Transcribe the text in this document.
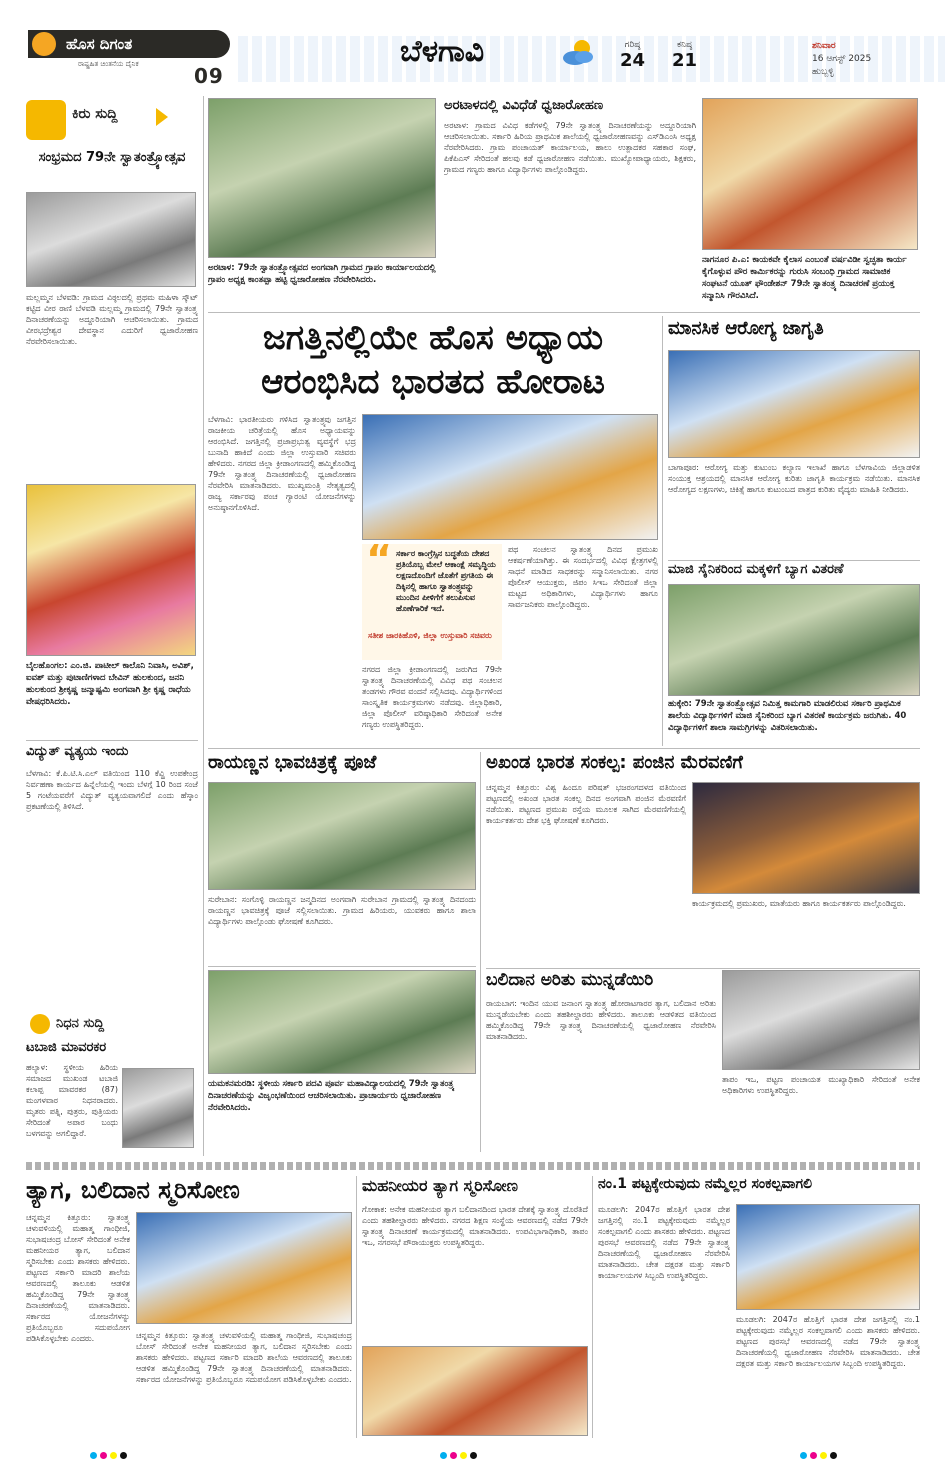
ಹೊಸ ದಿಗಂತ
ರಾಷ್ಟ್ರಹಿತ ಚಿಂತನೆಯ ದೈನಿಕ	09
ಬೆಳಗಾವಿ	ಗರಿಷ್ಠ
24
ಕನಿಷ್ಠ
21
ಶನಿವಾರ
16 ಆಗಸ್ಟ್ 2025
ಹುಬ್ಬಳ್ಳಿ
ಕಿರು ಸುದ್ದಿ
ಸಂಭ್ರಮದ 79ನೇ ಸ್ವಾತಂತ್ರ್ಯೋತ್ಸವ
ಮಲ್ಲಮ್ಮನ ಬೆಳವಡಿ: ಗ್ರಾಮದ ವಿಠ್ಠಲದಲ್ಲಿ ಪ್ರಥಮ ಮಹಿಳಾ ಸ್ಕೌಟ್ ಕಟ್ಟಿದ ವೀರ ರಾಣಿ ಬೆಳವಡಿ ಮಲ್ಲಮ್ಮ ಗ್ರಾಮದಲ್ಲಿ 79ನೇ ಸ್ವಾತಂತ್ರ್ಯ ದಿನಾಚರಣೆಯನ್ನು ಅದ್ದೂರಿಯಾಗಿ ಆಚರಿಸಲಾಯಿತು. ಗ್ರಾಮದ ವೀರಭದ್ರೇಶ್ವರ ದೇವಸ್ಥಾನ ಎದುರಿಗೆ ಧ್ವಜಾರೋಹಣ ನೆರವೇರಿಸಲಾಯಿತು.
ಬೈಲಹೊಂಗಲ: ಎಂ.ಜಿ. ಪಾಟೀಲ್ ಕಾಲೊನಿ ನಿವಾಸಿ, ಅವಿಶ್, ಐವಶ್ ಮತ್ತು ಪುಟಾಣಿಗಳಾದ ಬೇವಿನ್ ಹುಲಕುಂದ, ಜನನಿ ಹುಲಕುಂದ ಶ್ರೀಕೃಷ್ಣ ಜನ್ಮಾಷ್ಟಮಿ ಅಂಗವಾಗಿ ಶ್ರೀ ಕೃಷ್ಣ ರಾಧೆಯ ವೇಷಧರಿಸಿದರು.
ವಿದ್ಯುತ್ ವ್ಯತ್ಯಯ ಇಂದು
ಬೆಳಗಾವಿ: ಕೆ.ಪಿ.ಟಿ.ಸಿ.ಎಲ್ ವತಿಯಿಂದ 110 ಕೆವ್ಹಿ ಉಪಕೇಂದ್ರ ನಿರ್ವಹಣಾ ಕಾರ್ಯದ ಹಿನ್ನೆಲೆಯಲ್ಲಿ ಇಂದು ಬೆಳಗ್ಗೆ 10 ರಿಂದ ಸಂಜೆ 5 ಗಂಟೆಯವರೆಗೆ ವಿದ್ಯುತ್ ವ್ಯತ್ಯಯವಾಗಲಿದೆ ಎಂದು ಹೆಸ್ಕಾಂ ಪ್ರಕಟಣೆಯಲ್ಲಿ ತಿಳಿಸಿದೆ.
ನಿಧನ ಸುದ್ದಿ
ಟಬಾಜಿ ಮಾವರಕರ
ಹಲ್ಯಾಳ: ಸ್ಥಳೀಯ ಹಿರಿಯ ಸಮಾಜದ ಮುಖಂಡ ಟಬಾಜಿ ಕಲಾಪ್ಪ ಮಾವರಕರ (87) ಮಂಗಳವಾರ ನಿಧನರಾದರು. ಮೃತರು ಪತ್ನಿ, ಪುತ್ರರು, ಪುತ್ರಿಯರು ಸೇರಿದಂತೆ ಅಪಾರ ಬಂಧು ಬಳಗವನ್ನು ಅಗಲಿದ್ದಾರೆ.
ಅರಟಾಳ: 79ನೇ ಸ್ವಾತಂತ್ರ್ಯೋತ್ಸವದ ಅಂಗವಾಗಿ ಗ್ರಾಮದ ಗ್ರಾಪಂ ಕಾರ್ಯಾಲಯದಲ್ಲಿ ಗ್ರಾಪಂ ಅಧ್ಯಕ್ಷ ಕಾಂತಪ್ಪಾ ಹಟ್ಟಿ ಧ್ವಜಾರೋಹಣ ನೆರವೇರಿಸಿದರು.
ಅರಟಾಳದಲ್ಲಿ ವಿವಿಧೆಡೆ ಧ್ವಜಾರೋಹಣ
ಅರಟಾಳ: ಗ್ರಾಮದ ವಿವಿಧ ಕಡೆಗಳಲ್ಲಿ 79ನೇ ಸ್ವಾತಂತ್ರ್ಯ ದಿನಾಚರಣೆಯನ್ನು ಅದ್ದೂರಿಯಾಗಿ ಆಚರಿಸಲಾಯಿತು. ಸರ್ಕಾರಿ ಹಿರಿಯ ಪ್ರಾಥಮಿಕ ಶಾಲೆಯಲ್ಲಿ ಧ್ವಜಾರೋಹಣವನ್ನು ಎಸ್‌ಡಿಎಂಸಿ ಅಧ್ಯಕ್ಷ ನೆರವೇರಿಸಿದರು. ಗ್ರಾಮ ಪಂಚಾಯತ್ ಕಾರ್ಯಾಲಯ, ಹಾಲು ಉತ್ಪಾದಕರ ಸಹಕಾರ ಸಂಘ, ಪಿಕೆಪಿಎಸ್ ಸೇರಿದಂತೆ ಹಲವು ಕಡೆ ಧ್ವಜಾರೋಹಣ ನಡೆಯಿತು. ಮುಖ್ಯೋಪಾಧ್ಯಾಯರು, ಶಿಕ್ಷಕರು, ಗ್ರಾಮದ ಗಣ್ಯರು ಹಾಗೂ ವಿದ್ಯಾರ್ಥಿಗಳು ಪಾಲ್ಗೊಂಡಿದ್ದರು.
ನಾಗನೂರ ಪಿ.ಎ: ಕಾಯಕವೇ ಕೈಲಾಸ ಎಂಬಂತೆ ವರ್ಷವಿಡೀ ಸ್ವಚ್ಛತಾ ಕಾರ್ಯ ಕೈಗೊಳ್ಳುವ ಪೌರ ಕಾರ್ಮಿಕರನ್ನು ಗುರುಸಿ ಸಂಬಂಧಿ ಗ್ರಾಮದ ಸಾಮಾಜಿಕ ಸಂಘಟನೆ ಯೂತ್ ಫೌಂಡೇಶನ್ 79ನೇ ಸ್ವಾತಂತ್ರ್ಯ ದಿನಾಚರಣೆ ಪ್ರಯುಕ್ತ ಸನ್ಮಾನಿಸಿ ಗೌರವಿಸಿದೆ.
ಜಗತ್ತಿನಲ್ಲಿಯೇ ಹೊಸ ಅಧ್ಯಾಯ
ಆರಂಭಿಸಿದ ಭಾರತದ ಹೋರಾಟ
ಬೆಳಗಾವಿ: ಭಾರತೀಯರು ಗಳಿಸಿದ ಸ್ವಾತಂತ್ರ್ಯವು ಜಗತ್ತಿನ ರಾಜಕೀಯ ಚರಿತ್ರೆಯಲ್ಲಿ ಹೊಸ ಅಧ್ಯಾಯವನ್ನು ಆರಂಭಿಸಿದೆ. ಜಗತ್ತಿನಲ್ಲಿ ಪ್ರಜಾಪ್ರಭುತ್ವ ವ್ಯವಸ್ಥೆಗೆ ಭದ್ರ ಬುನಾದಿ ಹಾಕಿದೆ ಎಂದು ಜಿಲ್ಲಾ ಉಸ್ತುವಾರಿ ಸಚಿವರು ಹೇಳಿದರು. ನಗರದ ಜಿಲ್ಲಾ ಕ್ರೀಡಾಂಗಣದಲ್ಲಿ ಹಮ್ಮಿಕೊಂಡಿದ್ದ 79ನೇ ಸ್ವಾತಂತ್ರ್ಯ ದಿನಾಚರಣೆಯಲ್ಲಿ ಧ್ವಜಾರೋಹಣ ನೆರವೇರಿಸಿ ಮಾತನಾಡಿದರು. ಮುಖ್ಯಮಂತ್ರಿ ನೇತೃತ್ವದಲ್ಲಿ ರಾಜ್ಯ ಸರ್ಕಾರವು ಪಂಚ ಗ್ಯಾರಂಟಿ ಯೋಜನೆಗಳನ್ನು ಅನುಷ್ಠಾನಗೊಳಿಸಿದೆ.
“ ಸರ್ಕಾರ ಕಾಂಗ್ರೆಸ್ಸಿನ ಬದ್ಧತೆಯ ದೇಶದ ಪ್ರತಿಯೊಬ್ಬ ಮೇಲೆ ಆಕಾಂಕ್ಷೆ ಸಮೃದ್ಧಿಯ ಲಕ್ಷಣದೊಂದಿಗೆ ಜೊತೆಗೆ ಪ್ರಗತಿಯ ಈ ದಿಕ್ಕಿನಲ್ಲಿ ಹಾಗೂ ಸ್ವಾತಂತ್ರ್ಯವನ್ನು ಮುಂದಿನ ಪೀಳಿಗೆಗೆ ತಲುಪಿಸುವ ಹೊಣೆಗಾರಿಕೆ ಇದೆ.
ಸತೀಶ ಜಾರಕಿಹೊಳಿ, ಜಿಲ್ಲಾ ಉಸ್ತುವಾರಿ ಸಚಿವರು
ನಗರದ ಜಿಲ್ಲಾ ಕ್ರೀಡಾಂಗಣದಲ್ಲಿ ಜರುಗಿದ 79ನೇ ಸ್ವಾತಂತ್ರ್ಯ ದಿನಾಚರಣೆಯಲ್ಲಿ ವಿವಿಧ ಪಥ ಸಂಚಲನ ತಂಡಗಳು ಗೌರವ ವಂದನೆ ಸಲ್ಲಿಸಿದವು. ವಿದ್ಯಾರ್ಥಿಗಳಿಂದ ಸಾಂಸ್ಕೃತಿಕ ಕಾರ್ಯಕ್ರಮಗಳು ನಡೆದವು. ಜಿಲ್ಲಾಧಿಕಾರಿ, ಜಿಲ್ಲಾ ಪೊಲೀಸ್ ವರಿಷ್ಠಾಧಿಕಾರಿ ಸೇರಿದಂತೆ ಅನೇಕ ಗಣ್ಯರು ಉಪಸ್ಥಿತರಿದ್ದರು.
ಪಥ ಸಂಚಲನ ಸ್ವಾತಂತ್ರ್ಯ ದಿನದ ಪ್ರಮುಖ ಆಕರ್ಷಣೆಯಾಗಿತ್ತು. ಈ ಸಂದರ್ಭದಲ್ಲಿ ವಿವಿಧ ಕ್ಷೇತ್ರಗಳಲ್ಲಿ ಸಾಧನೆ ಮಾಡಿದ ಸಾಧಕರನ್ನು ಸನ್ಮಾನಿಸಲಾಯಿತು. ನಗರ ಪೊಲೀಸ್ ಆಯುಕ್ತರು, ಜಿಪಂ ಸಿಇಒ ಸೇರಿದಂತೆ ಜಿಲ್ಲಾ ಮಟ್ಟದ ಅಧಿಕಾರಿಗಳು, ವಿದ್ಯಾರ್ಥಿಗಳು ಹಾಗೂ ಸಾರ್ವಜನಿಕರು ಪಾಲ್ಗೊಂಡಿದ್ದರು.
ಮಾನಸಿಕ ಆರೋಗ್ಯ ಜಾಗೃತಿ
ಬಾಗಾಪೂರ: ಆರೋಗ್ಯ ಮತ್ತು ಕುಟುಂಬ ಕಲ್ಯಾಣ ಇಲಾಖೆ ಹಾಗೂ ಬೆಳಗಾವಿಯ ಜಿಲ್ಲಾಡಳಿತ ಸಂಯುಕ್ತ ಆಶ್ರಯದಲ್ಲಿ ಮಾನಸಿಕ ಆರೋಗ್ಯ ಕುರಿತು ಜಾಗೃತಿ ಕಾರ್ಯಕ್ರಮ ನಡೆಯಿತು. ಮಾನಸಿಕ ಆರೋಗ್ಯದ ಲಕ್ಷಣಗಳು, ಚಿಕಿತ್ಸೆ ಹಾಗೂ ಕುಟುಂಬದ ಪಾತ್ರದ ಕುರಿತು ವೈದ್ಯರು ಮಾಹಿತಿ ನೀಡಿದರು.
ಮಾಜಿ ಸೈನಿಕರಿಂದ ಮಕ್ಕಳಿಗೆ ಬ್ಯಾಗ ವಿತರಣೆ
ಹುಕ್ಕೇರಿ: 79ನೇ ಸ್ವಾತಂತ್ರ್ಯೋತ್ಸವ ನಿಮಿತ್ತ ಕಾಮಗಾರಿ ಮಾಡಲಿರುವ ಸರ್ಕಾರಿ ಪ್ರಾಥಮಿಕ ಶಾಲೆಯ ವಿದ್ಯಾರ್ಥಿಗಳಿಗೆ ಮಾಜಿ ಸೈನಿಕರಿಂದ ಬ್ಯಾಗ ವಿತರಣೆ ಕಾರ್ಯಕ್ರಮ ಜರುಗಿತು. 40 ವಿದ್ಯಾರ್ಥಿಗಳಿಗೆ ಶಾಲಾ ಸಾಮಗ್ರಿಗಳನ್ನು ವಿತರಿಸಲಾಯಿತು.
ರಾಯಣ್ಣನ ಭಾವಚಿತ್ರಕ್ಕೆ ಪೂಜೆ
ಸುರೇಬಾನ: ಸಂಗೊಳ್ಳಿ ರಾಯಣ್ಣನ ಜನ್ಮದಿನದ ಅಂಗವಾಗಿ ಸುರೇಬಾನ ಗ್ರಾಮದಲ್ಲಿ ಸ್ವಾತಂತ್ರ್ಯ ದಿನದಂದು ರಾಯಣ್ಣನ ಭಾವಚಿತ್ರಕ್ಕೆ ಪೂಜೆ ಸಲ್ಲಿಸಲಾಯಿತು. ಗ್ರಾಮದ ಹಿರಿಯರು, ಯುವಕರು ಹಾಗೂ ಶಾಲಾ ವಿದ್ಯಾರ್ಥಿಗಳು ಪಾಲ್ಗೊಂಡು ಘೋಷಣೆ ಕೂಗಿದರು.
ಅಖಂಡ ಭಾರತ ಸಂಕಲ್ಪ: ಪಂಜಿನ ಮೆರವಣಿಗೆ
ಚನ್ನಮ್ಮನ ಕಿತ್ತೂರು: ವಿಶ್ವ ಹಿಂದೂ ಪರಿಷತ್ ಭಜರಂಗದಳದ ವತಿಯಿಂದ ಪಟ್ಟಣದಲ್ಲಿ ಅಖಂಡ ಭಾರತ ಸಂಕಲ್ಪ ದಿನದ ಅಂಗವಾಗಿ ಪಂಜಿನ ಮೆರವಣಿಗೆ ನಡೆಯಿತು. ಪಟ್ಟಣದ ಪ್ರಮುಖ ರಸ್ತೆಯ ಮೂಲಕ ಸಾಗಿದ ಮೆರವಣಿಗೆಯಲ್ಲಿ ಕಾರ್ಯಕರ್ತರು ದೇಶ ಭಕ್ತಿ ಘೋಷಣೆ ಕೂಗಿದರು.
ಕಾರ್ಯಕ್ರಮದಲ್ಲಿ ಪ್ರಮುಖರು, ಮಾತೆಯರು ಹಾಗೂ ಕಾರ್ಯಕರ್ತರು ಪಾಲ್ಗೊಂಡಿದ್ದರು.
ಬಲಿದಾನ ಅರಿತು ಮುನ್ನಡೆಯಿರಿ
ರಾಯಬಾಗ: ಇಂದಿನ ಯುವ ಜನಾಂಗ ಸ್ವಾತಂತ್ರ್ಯ ಹೋರಾಟಗಾರರ ತ್ಯಾಗ, ಬಲಿದಾನ ಅರಿತು ಮುನ್ನಡೆಯಬೇಕು ಎಂದು ತಹಶೀಲ್ದಾರರು ಹೇಳಿದರು. ತಾಲೂಕು ಆಡಳಿತದ ವತಿಯಿಂದ ಹಮ್ಮಿಕೊಂಡಿದ್ದ 79ನೇ ಸ್ವಾತಂತ್ರ್ಯ ದಿನಾಚರಣೆಯಲ್ಲಿ ಧ್ವಜಾರೋಹಣ ನೆರವೇರಿಸಿ ಮಾತನಾಡಿದರು.
ತಾಪಂ ಇಒ, ಪಟ್ಟಣ ಪಂಚಾಯತ ಮುಖ್ಯಾಧಿಕಾರಿ ಸೇರಿದಂತೆ ಅನೇಕ ಅಧಿಕಾರಿಗಳು ಉಪಸ್ಥಿತರಿದ್ದರು.
ಯಮಕನಮರಡಿ: ಸ್ಥಳೀಯ ಸರ್ಕಾರಿ ಪದವಿ ಪೂರ್ವ ಮಹಾವಿದ್ಯಾಲಯದಲ್ಲಿ 79ನೇ ಸ್ವಾತಂತ್ರ್ಯ ದಿನಾಚರಣೆಯನ್ನು ವಿಜೃಂಭಣೆಯಿಂದ ಆಚರಿಸಲಾಯಿತು. ಪ್ರಾಚಾರ್ಯರು ಧ್ವಜಾರೋಹಣ ನೆರವೇರಿಸಿದರು.
ತ್ಯಾಗ, ಬಲಿದಾನ ಸ್ಮರಿಸೋಣ
ಚನ್ನಮ್ಮನ ಕಿತ್ತೂರು: ಸ್ವಾತಂತ್ರ್ಯ ಚಳುವಳಿಯಲ್ಲಿ ಮಹಾತ್ಮ ಗಾಂಧೀಜಿ, ಸುಭಾಷಚಂದ್ರ ಬೋಸ್ ಸೇರಿದಂತೆ ಅನೇಕ ಮಹನೀಯರ ತ್ಯಾಗ, ಬಲಿದಾನ ಸ್ಮರಿಸಬೇಕು ಎಂದು ಶಾಸಕರು ಹೇಳಿದರು. ಪಟ್ಟಣದ ಸರ್ಕಾರಿ ಮಾದರಿ ಶಾಲೆಯ ಆವರಣದಲ್ಲಿ ತಾಲೂಕು ಆಡಳಿತ ಹಮ್ಮಿಕೊಂಡಿದ್ದ 79ನೇ ಸ್ವಾತಂತ್ರ್ಯ ದಿನಾಚರಣೆಯಲ್ಲಿ ಮಾತನಾಡಿದರು. ಸರ್ಕಾರದ ಯೋಜನೆಗಳನ್ನು ಪ್ರತಿಯೊಬ್ಬರೂ ಸದುಪಯೋಗ ಪಡಿಸಿಕೊಳ್ಳಬೇಕು ಎಂದರು.	ಚನ್ನಮ್ಮನ ಕಿತ್ತೂರು: ಸ್ವಾತಂತ್ರ್ಯ ಚಳುವಳಿಯಲ್ಲಿ ಮಹಾತ್ಮ ಗಾಂಧೀಜಿ, ಸುಭಾಷಚಂದ್ರ ಬೋಸ್ ಸೇರಿದಂತೆ ಅನೇಕ ಮಹನೀಯರ ತ್ಯಾಗ, ಬಲಿದಾನ ಸ್ಮರಿಸಬೇಕು ಎಂದು ಶಾಸಕರು ಹೇಳಿದರು. ಪಟ್ಟಣದ ಸರ್ಕಾರಿ ಮಾದರಿ ಶಾಲೆಯ ಆವರಣದಲ್ಲಿ ತಾಲೂಕು ಆಡಳಿತ ಹಮ್ಮಿಕೊಂಡಿದ್ದ 79ನೇ ಸ್ವಾತಂತ್ರ್ಯ ದಿನಾಚರಣೆಯಲ್ಲಿ ಮಾತನಾಡಿದರು. ಸರ್ಕಾರದ ಯೋಜನೆಗಳನ್ನು ಪ್ರತಿಯೊಬ್ಬರೂ ಸದುಪಯೋಗ ಪಡಿಸಿಕೊಳ್ಳಬೇಕು ಎಂದರು.
ಮಹನೀಯರ ತ್ಯಾಗ ಸ್ಮರಿಸೋಣ
ಗೋಕಾಕ: ಅನೇಕ ಮಹನೀಯರ ತ್ಯಾಗ ಬಲಿದಾನದಿಂದ ಭಾರತ ದೇಶಕ್ಕೆ ಸ್ವಾತಂತ್ರ್ಯ ದೊರೆತಿದೆ ಎಂದು ತಹಶೀಲ್ದಾರರು ಹೇಳಿದರು. ನಗರದ ಶಿಕ್ಷಣ ಸಂಸ್ಥೆಯ ಆವರಣದಲ್ಲಿ ನಡೆದ 79ನೇ ಸ್ವಾತಂತ್ರ್ಯ ದಿನಾಚರಣೆ ಕಾರ್ಯಕ್ರಮದಲ್ಲಿ ಮಾತನಾಡಿದರು. ಉಪವಿಭಾಗಾಧಿಕಾರಿ, ತಾಪಂ ಇಒ, ನಗರಸಭೆ ಪೌರಾಯುಕ್ತರು ಉಪಸ್ಥಿತರಿದ್ದರು.
ನಂ.1 ಪಟ್ಟಕ್ಕೇರುವುದು ನಮ್ಮೆಲ್ಲರ ಸಂಕಲ್ಪವಾಗಲಿ
ಮೂಡಲಗಿ: 2047ರ ಹೊತ್ತಿಗೆ ಭಾರತ ದೇಶ ಜಗತ್ತಿನಲ್ಲಿ ನಂ.1 ಪಟ್ಟಕ್ಕೇರುವುದು ನಮ್ಮೆಲ್ಲರ ಸಂಕಲ್ಪವಾಗಲಿ ಎಂದು ಶಾಸಕರು ಹೇಳಿದರು. ಪಟ್ಟಣದ ಪುರಸಭೆ ಆವರಣದಲ್ಲಿ ನಡೆದ 79ನೇ ಸ್ವಾತಂತ್ರ್ಯ ದಿನಾಚರಣೆಯಲ್ಲಿ ಧ್ವಜಾರೋಹಣ ನೆರವೇರಿಸಿ ಮಾತನಾಡಿದರು. ಚೇತ ದಕ್ಷರತ ಮತ್ತು ಸರ್ಕಾರಿ ಕಾರ್ಯಾಲಯಗಳ ಸಿಬ್ಬಂದಿ ಉಪಸ್ಥಿತರಿದ್ದರು.
ಮೂಡಲಗಿ: 2047ರ ಹೊತ್ತಿಗೆ ಭಾರತ ದೇಶ ಜಗತ್ತಿನಲ್ಲಿ ನಂ.1 ಪಟ್ಟಕ್ಕೇರುವುದು ನಮ್ಮೆಲ್ಲರ ಸಂಕಲ್ಪವಾಗಲಿ ಎಂದು ಶಾಸಕರು ಹೇಳಿದರು. ಪಟ್ಟಣದ ಪುರಸಭೆ ಆವರಣದಲ್ಲಿ ನಡೆದ 79ನೇ ಸ್ವಾತಂತ್ರ್ಯ ದಿನಾಚರಣೆಯಲ್ಲಿ ಧ್ವಜಾರೋಹಣ ನೆರವೇರಿಸಿ ಮಾತನಾಡಿದರು. ಚೇತ ದಕ್ಷರತ ಮತ್ತು ಸರ್ಕಾರಿ ಕಾರ್ಯಾಲಯಗಳ ಸಿಬ್ಬಂದಿ ಉಪಸ್ಥಿತರಿದ್ದರು.
